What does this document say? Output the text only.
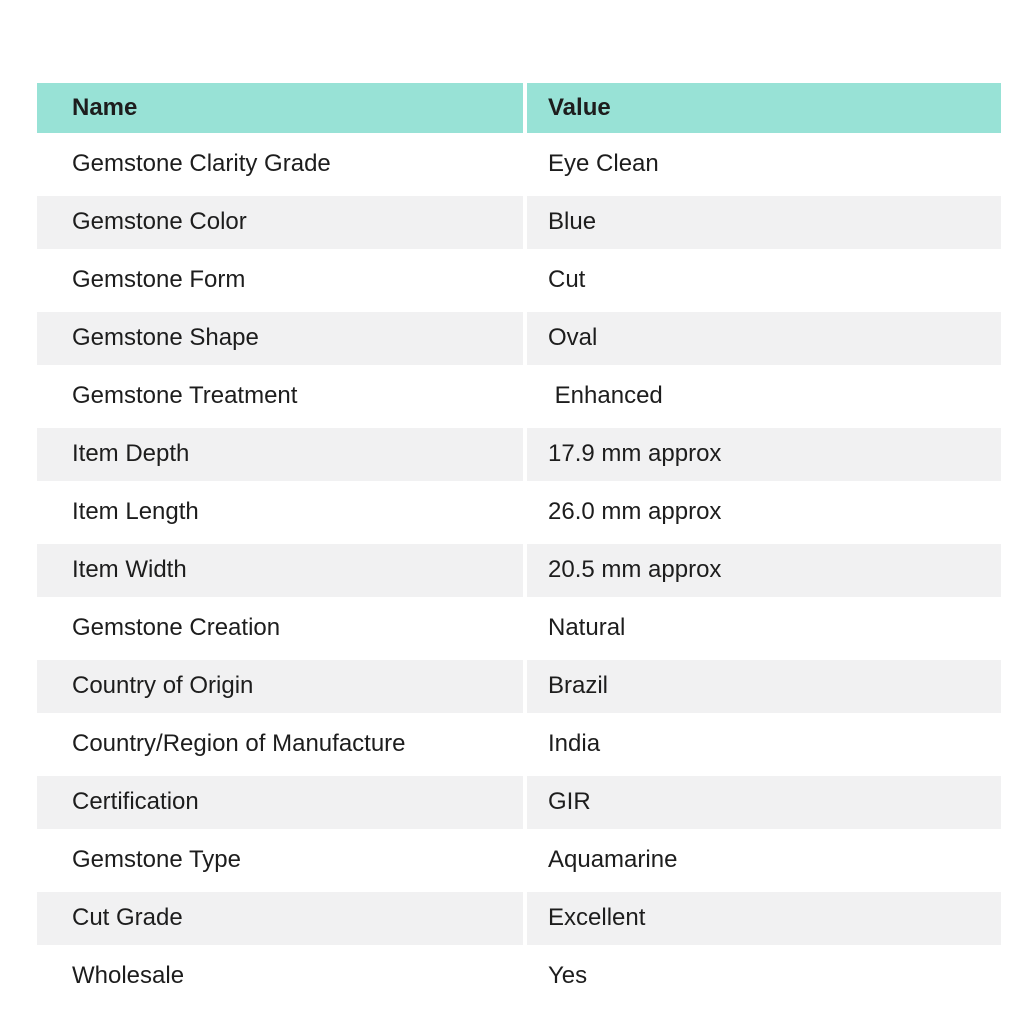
Name	Value
Gemstone Clarity Grade	Eye Clean
Gemstone Color	Blue
Gemstone Form	Cut
Gemstone Shape	Oval
Gemstone Treatment	Enhanced
Item Depth	17.9 mm approx
Item Length	26.0 mm approx
Item Width	20.5 mm approx
Gemstone Creation	Natural
Country of Origin	Brazil
Country/Region of Manufacture	India
Certification	GIR
Gemstone Type	Aquamarine
Cut Grade	Excellent
Wholesale	Yes
